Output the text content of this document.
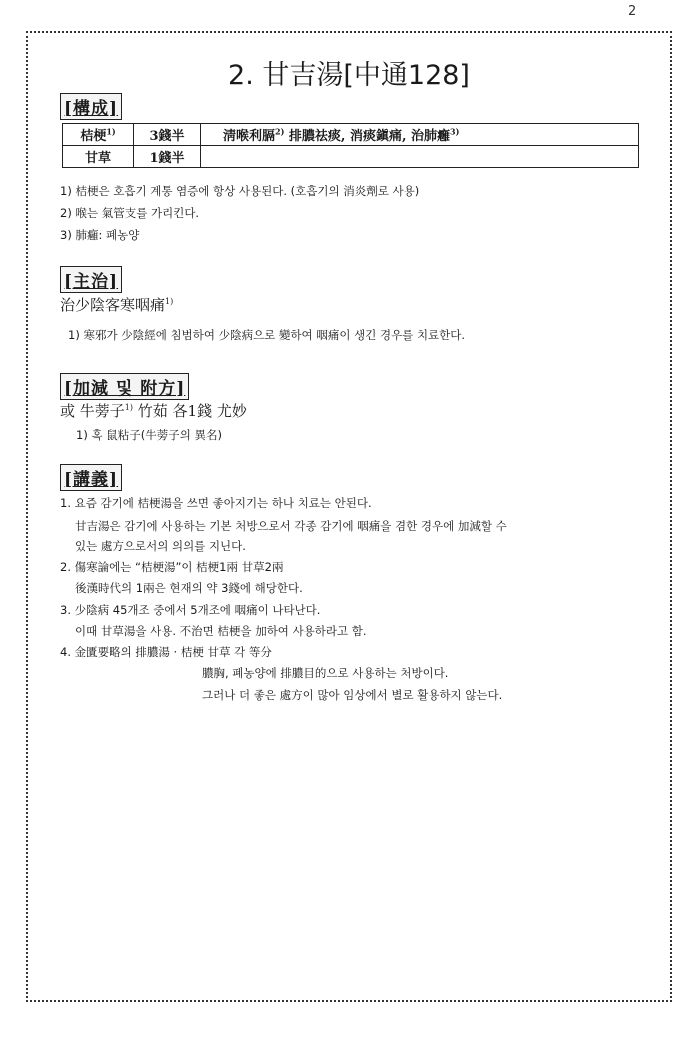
2
2. 甘吉湯[中通128]
[構成]
桔梗$^{1)}$	3錢半	淸喉利膈$^{2)}$ 排膿祛痰, 消痰鎭痛, 治肺癰$^{3)}$
甘草	1錢半	
1) 桔梗은 호흡기 계통 염증에 항상 사용된다. (호흡기의 消炎劑로 사용)
2) 喉는 氣管支를 가리킨다.
3) 肺癰: 폐농양
[主治]
治少陰客寒咽痛$^{1)}$
1) 寒邪가 少陰經에 침범하여 少陰病으로 變하여 咽痛이 생긴 경우를 치료한다.
[加減 및 附方]
或 牛蒡子$^{1)}$ 竹茹 各1錢 尤妙
1) 혹 鼠粘子(牛蒡子의 異名)
[講義]
1. 요즘 감기에 桔梗湯을 쓰면 좋아지기는 하나 치료는 안된다.
甘吉湯은 감기에 사용하는 기본 처방으로서 각종 감기에 咽痛을 겸한 경우에 加減할 수
있는 處方으로서의 의의를 지닌다.
2. 傷寒論에는 “桔梗湯”이 桔梗1兩 甘草2兩
後漢時代의 1兩은 현재의 약 3錢에 해당한다.
3. 少陰病 45개조 중에서 5개조에 咽痛이 나타난다.
이때 甘草湯을 사용. 不治면 桔梗을 加하여 사용하라고 함.
4. 金匱要略의 排膿湯 · 桔梗 甘草 각 等分
膿胸, 폐농양에 排膿目的으로 사용하는 처방이다.
그러나 더 좋은 處方이 많아 임상에서 별로 활용하지 않는다.
